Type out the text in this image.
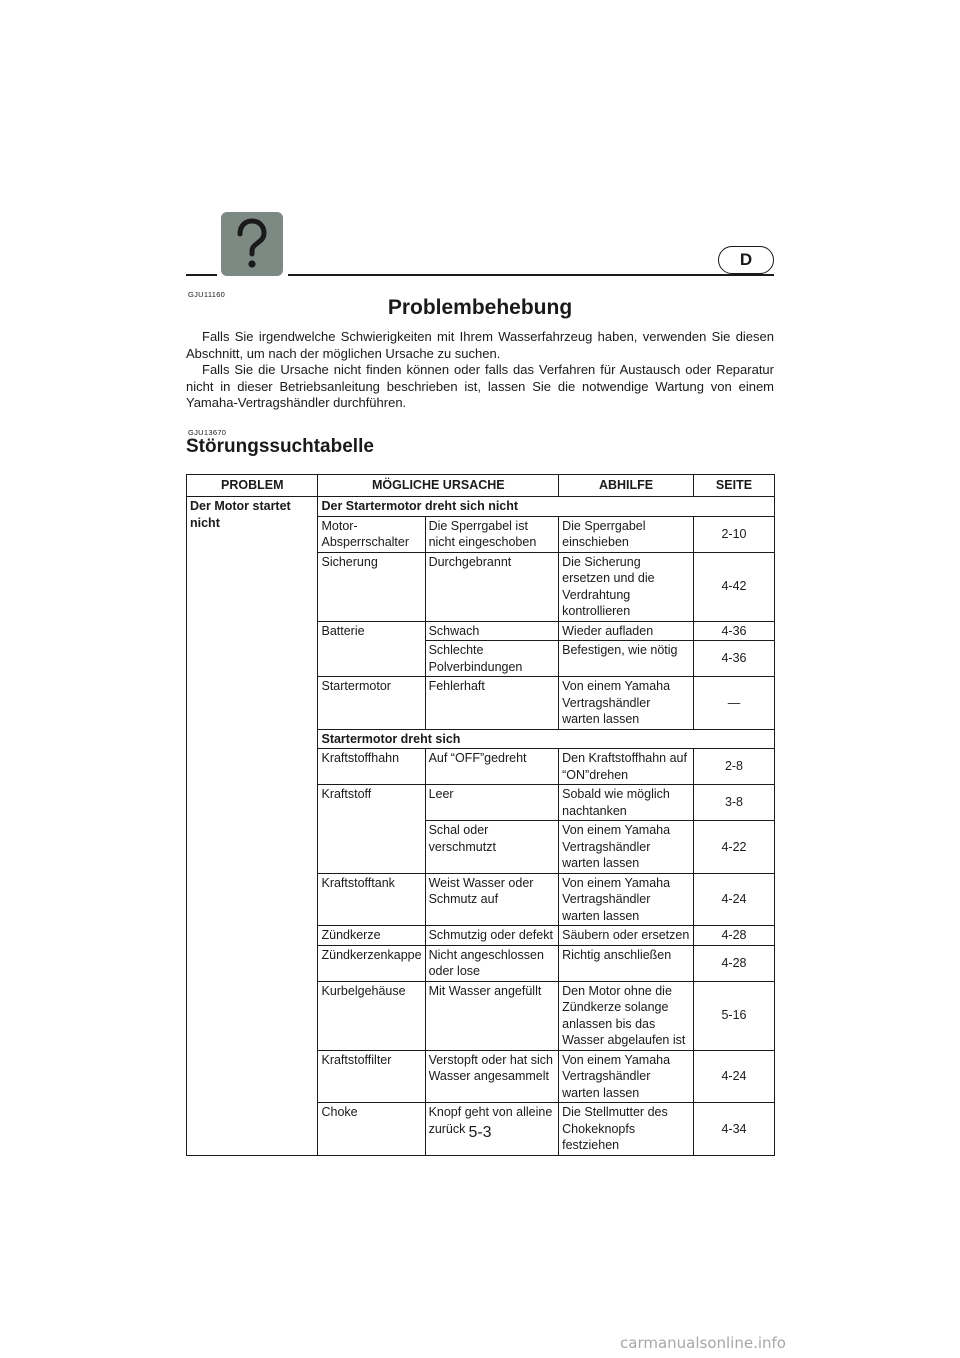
D
GJU11160
Problembehebung

Falls Sie irgendwelche Schwierigkeiten mit Ihrem Wasserfahrzeug haben, verwenden Sie diesen Abschnitt, um nach der möglichen Ursache zu suchen.

Falls Sie die Ursache nicht finden können oder falls das Verfahren für Austausch oder Reparatur nicht in dieser Betriebsanleitung beschrieben ist, lassen Sie die notwendige Wartung von einem Yamaha-Vertragshändler durchführen.

GJU13670
Störungssuchtabelle
PROBLEM	MÖGLICHE URSACHE		ABHILFE	SEITE
Der Motor startet nicht	Der Startermotor dreht sich nicht			
	Motor-Absperrschalter	Die Sperrgabel ist nicht eingeschoben	Die Sperrgabel einschieben	2-10
	Sicherung	Durchgebrannt	Die Sicherung ersetzen und die Verdrahtung kontrollieren	4-42
	Batterie	Schwach	Wieder aufladen	4-36
		Schlechte Polverbindungen	Befestigen, wie nötig	4-36
	Startermotor	Fehlerhaft	Von einem Yamaha Vertragshändler warten lassen	—
	Startermotor dreht sich			
	Kraftstoffhahn	Auf “OFF”gedreht	Den Kraftstoffhahn auf “ON”drehen	2-8
	Kraftstoff	Leer	Sobald wie möglich nachtanken	3-8
		Schal oder verschmutzt	Von einem Yamaha Vertragshändler warten lassen	4-22
	Kraftstofftank	Weist Wasser oder Schmutz auf	Von einem Yamaha Vertragshändler warten lassen	4-24
	Zündkerze	Schmutzig oder defekt	Säubern oder ersetzen	4-28
	Zündkerzenkappe	Nicht angeschlossen oder lose	Richtig anschließen	4-28
	Kurbelgehäuse	Mit Wasser angefüllt	Den Motor ohne die Zündkerze solange anlassen bis das Wasser abgelaufen ist	5-16
	Kraftstoffilter	Verstopft oder hat sich Wasser angesammelt	Von einem Yamaha Vertragshändler warten lassen	4-24
	Choke	Knopf geht von alleine zurück	Die Stellmutter des Chokeknopfs festziehen	4-34
5-3
carmanualsonline.info
